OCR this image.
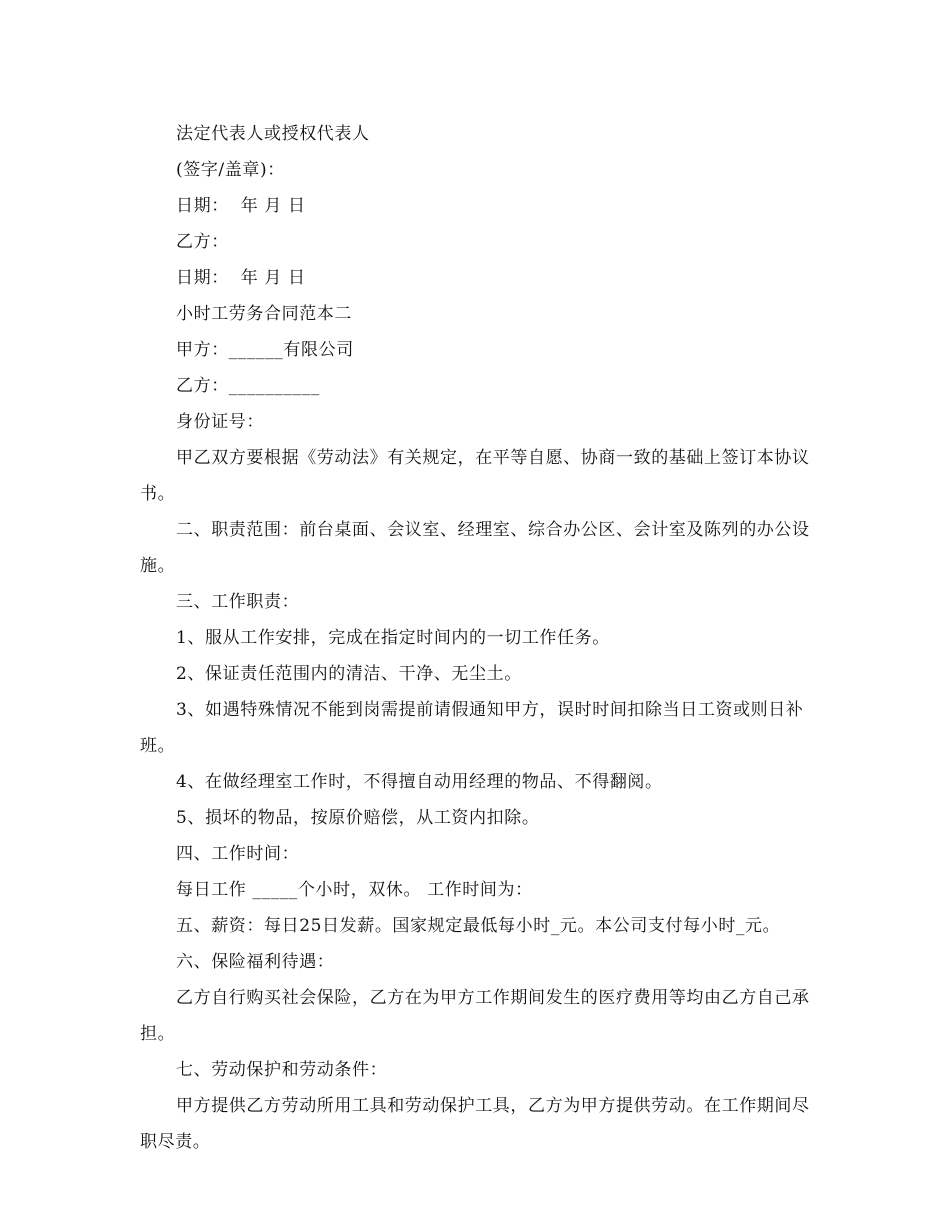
法定代表人或授权代表人

(签字/盖章)：

日期：  年 月 日

乙方：

日期：  年 月 日

小时工劳务合同范本二

甲方：______有限公司

乙方：__________

身份证号：

甲乙双方要根据《劳动法》有关规定，在平等自愿、协商一致的基础上签订本协议书。

二、职责范围：前台桌面、会议室、经理室、综合办公区、会计室及陈列的办公设施。

三、工作职责：

1、服从工作安排，完成在指定时间内的一切工作任务。

2、保证责任范围内的清洁、干净、无尘土。

3、如遇特殊情况不能到岗需提前请假通知甲方，误时时间扣除当日工资或则日补班。

4、在做经理室工作时，不得擅自动用经理的物品、不得翻阅。

5、损坏的物品，按原价赔偿，从工资内扣除。

四、工作时间：

每日工作 _____个小时，双休。 工作时间为：

五、薪资：每日25日发薪。国家规定最低每小时_元。本公司支付每小时_元。

六、保险福利待遇：

乙方自行购买社会保险，乙方在为甲方工作期间发生的医疗费用等均由乙方自己承担。

七、劳动保护和劳动条件：

甲方提供乙方劳动所用工具和劳动保护工具，乙方为甲方提供劳动。在工作期间尽职尽责。
